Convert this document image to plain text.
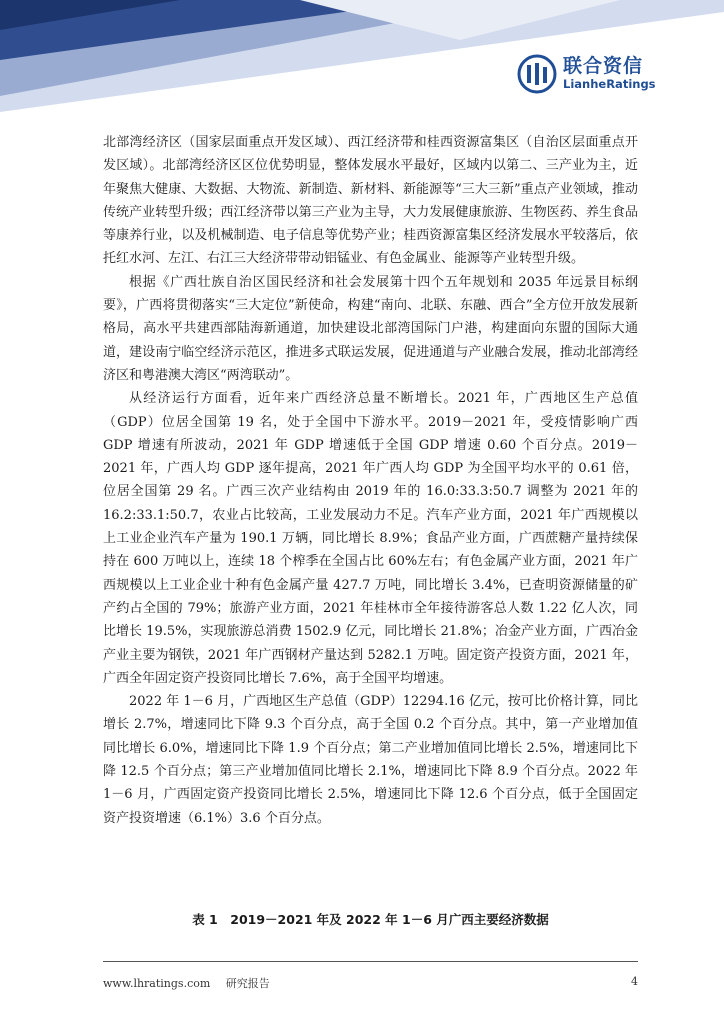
联合资信
LianheRatings

北部湾经济区（国家层面重点开发区域）、西江经济带和桂西资源富集区（自治区层面重点开发区域）。北部湾经济区区位优势明显，整体发展水平最好，区域内以第二、三产业为主，近年聚焦大健康、大数据、大物流、新制造、新材料、新能源等“三大三新”重点产业领域，推动传统产业转型升级；西江经济带以第三产业为主导，大力发展健康旅游、生物医药、养生食品等康养行业，以及机械制造、电子信息等优势产业；桂西资源富集区经济发展水平较落后，依托红水河、左江、右江三大经济带带动铝锰业、有色金属业、能源等产业转型升级。

根据《广西壮族自治区国民经济和社会发展第十四个五年规划和 2035 年远景目标纲要》，广西将贯彻落实“三大定位”新使命，构建“南向、北联、东融、西合”全方位开放发展新格局，高水平共建西部陆海新通道，加快建设北部湾国际门户港，构建面向东盟的国际大通道，建设南宁临空经济示范区，推进多式联运发展，促进通道与产业融合发展，推动北部湾经济区和粤港澳大湾区“两湾联动”。

从经济运行方面看，近年来广西经济总量不断增长。2021 年，广西地区生产总值（GDP）位居全国第 19 名，处于全国中下游水平。2019－2021 年，受疫情影响广西 GDP 增速有所波动，2021 年 GDP 增速低于全国 GDP 增速 0.60 个百分点。2019－2021 年，广西人均 GDP 逐年提高，2021 年广西人均 GDP 为全国平均水平的 0.61 倍，位居全国第 29 名。广西三次产业结构由 2019 年的 16.0:33.3:50.7 调整为 2021 年的 16.2:33.1:50.7，农业占比较高，工业发展动力不足。汽车产业方面，2021 年广西规模以上工业企业汽车产量为 190.1 万辆，同比增长 8.9%；食品产业方面，广西蔗糖产量持续保持在 600 万吨以上，连续 18 个榨季在全国占比 60%左右；有色金属产业方面，2021 年广西规模以上工业企业十种有色金属产量 427.7 万吨，同比增长 3.4%，已查明资源储量的矿产约占全国的 79%；旅游产业方面，2021 年桂林市全年接待游客总人数 1.22 亿人次，同比增长 19.5%，实现旅游总消费 1502.9 亿元，同比增长 21.8%；冶金产业方面，广西冶金产业主要为钢铁，2021 年广西钢材产量达到 5282.1 万吨。固定资产投资方面，2021 年，广西全年固定资产投资同比增长 7.6%，高于全国平均增速。

2022 年 1－6 月，广西地区生产总值（GDP）12294.16 亿元，按可比价格计算，同比增长 2.7%，增速同比下降 9.3 个百分点，高于全国 0.2 个百分点。其中，第一产业增加值同比增长 6.0%，增速同比下降 1.9 个百分点；第二产业增加值同比增长 2.5%，增速同比下降 12.5 个百分点；第三产业增加值同比增长 2.1%，增速同比下降 8.9 个百分点。2022 年 1－6 月，广西固定资产投资同比增长 2.5%，增速同比下降 12.6 个百分点，低于全国固定资产投资增速（6.1%）3.6 个百分点。

表 1　2019－2021 年及 2022 年 1－6 月广西主要经济数据
www.lhratings.com 研究报告	4
